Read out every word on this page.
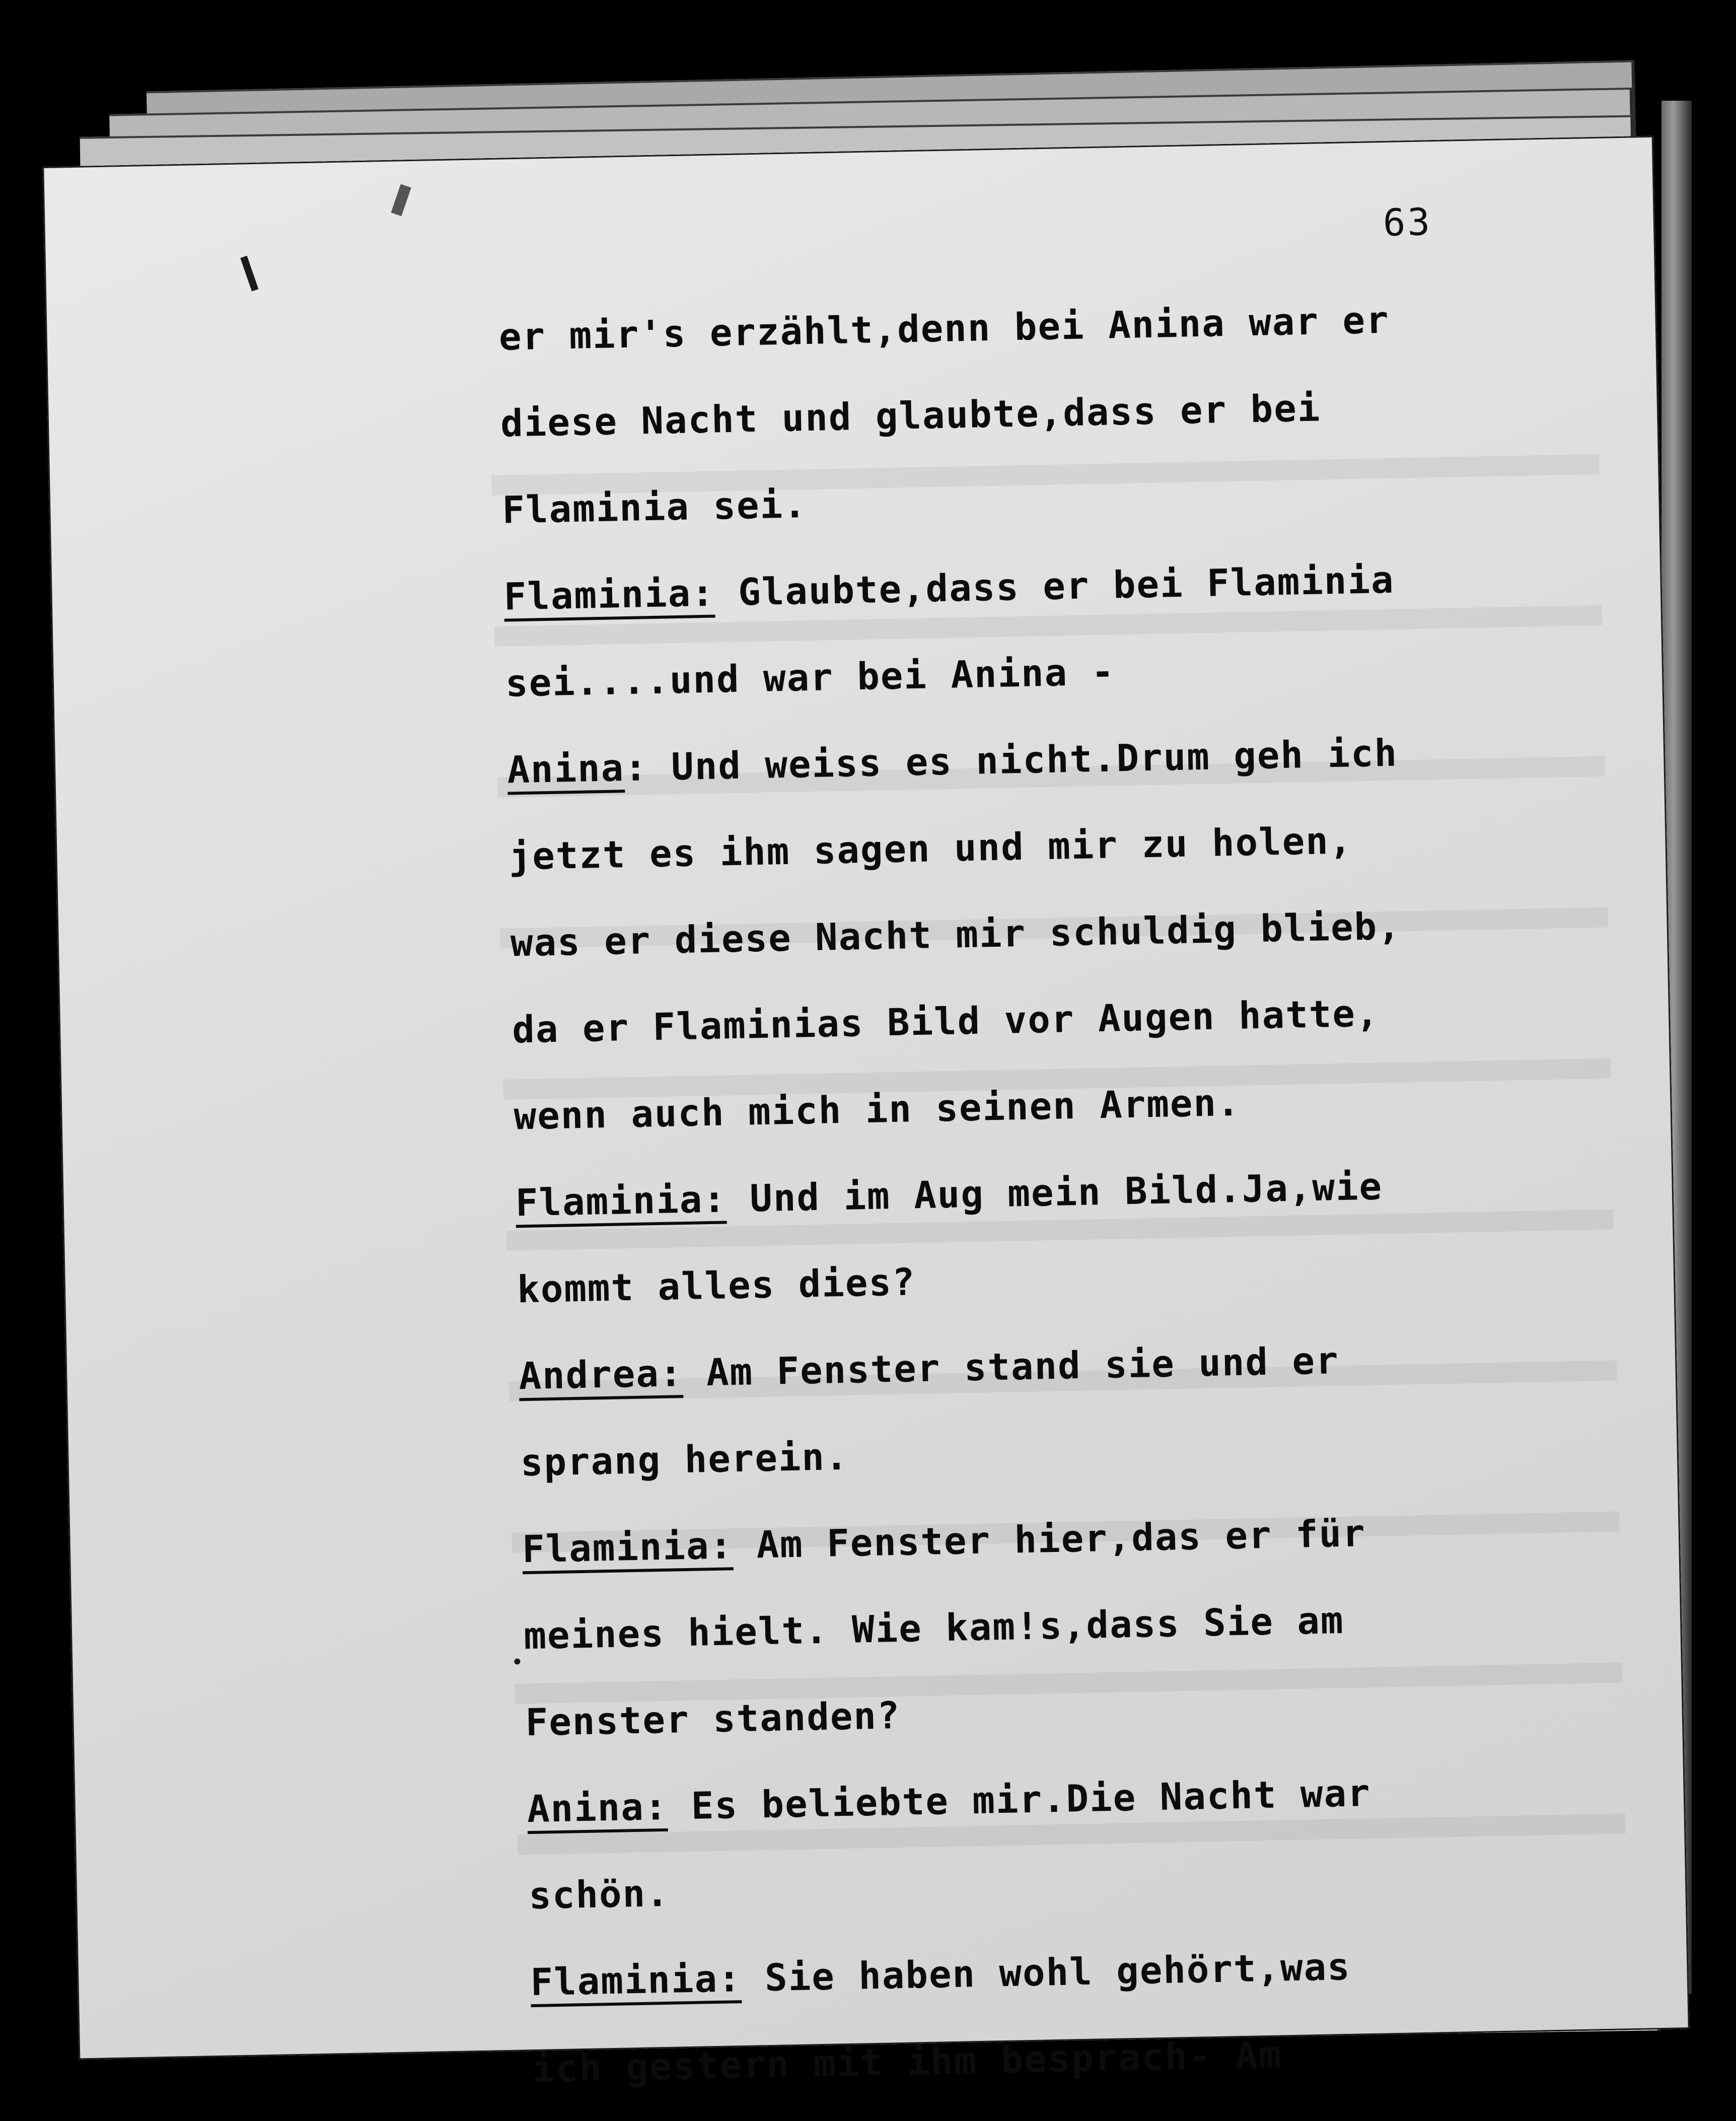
63
er mir's erzählt,denn bei Anina war er
diese Nacht und glaubte,dass er bei
Flaminia sei.
Flaminia: Glaubte,dass er bei Flaminia
sei....und war bei Anina -
Anina: Und weiss es nicht.Drum geh ich
jetzt es ihm sagen und mir zu holen,
was er diese Nacht mir schuldig blieb,
da er Flaminias Bild vor Augen hatte,
wenn auch mich in seinen Armen.
Flaminia: Und im Aug mein Bild.Ja,wie
kommt alles dies?
Andrea: Am Fenster stand sie und er
sprang herein.
Flaminia: Am Fenster hier,das er für
meines hielt. Wie kam!s,dass Sie am
Fenster standen?
Anina: Es beliebte mir.Die Nacht war
schön.
Flaminia: Sie haben wohl gehört,was
ich gestern mit ihm besprach- Am
